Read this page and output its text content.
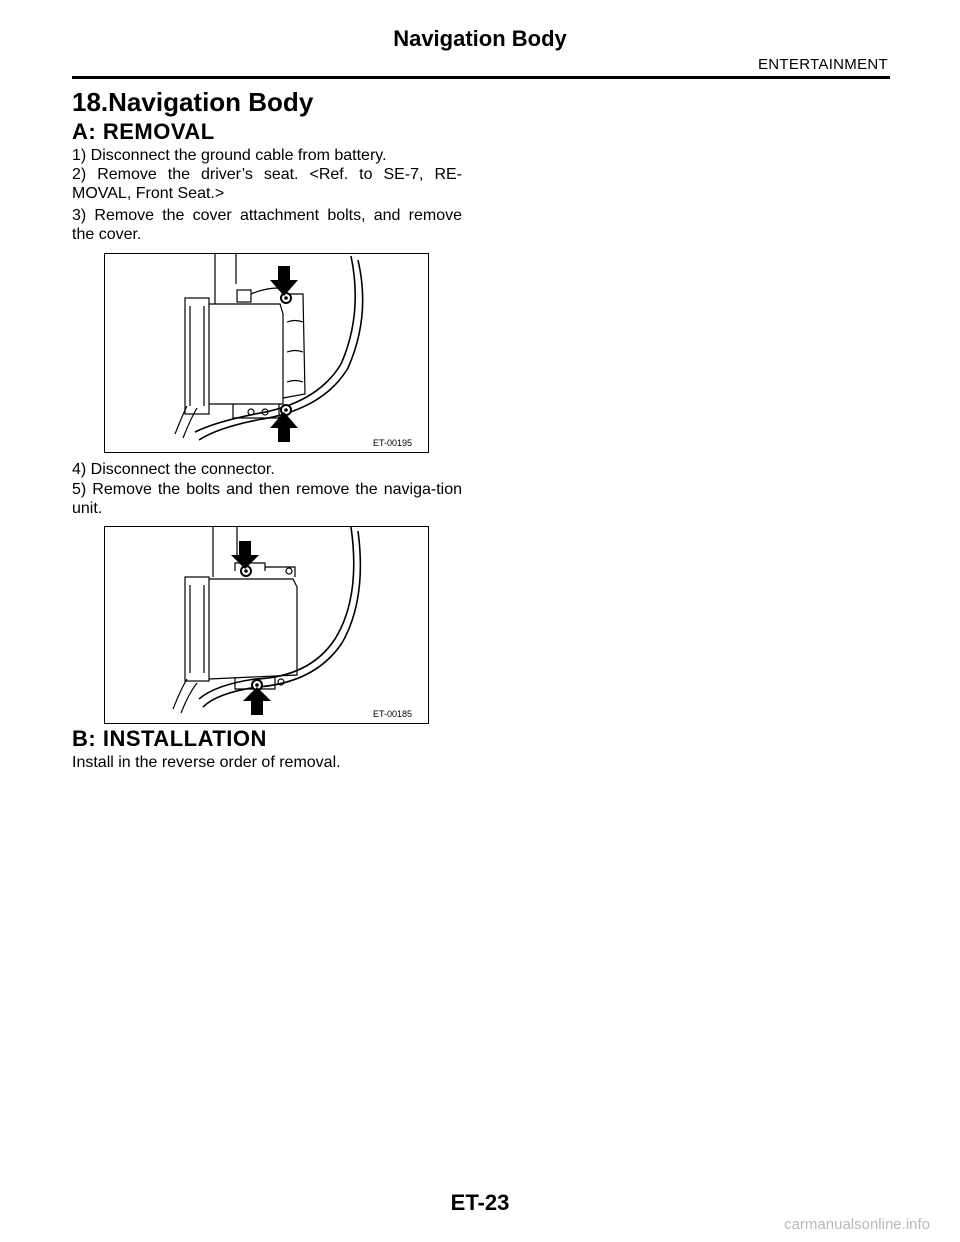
Navigation Body
ENTERTAINMENT
18.Navigation Body
A: REMOVAL
1) Disconnect the ground cable from battery.
2) Remove the driver’s seat. <Ref. to SE-7, RE-MOVAL, Front Seat.>
3) Remove the cover attachment bolts, and remove the cover.
ET-00195
4) Disconnect the connector.
5) Remove the bolts and then remove the naviga-tion unit.
ET-00185
B: INSTALLATION
Install in the reverse order of removal.
ET-23
carmanualsonline.info
